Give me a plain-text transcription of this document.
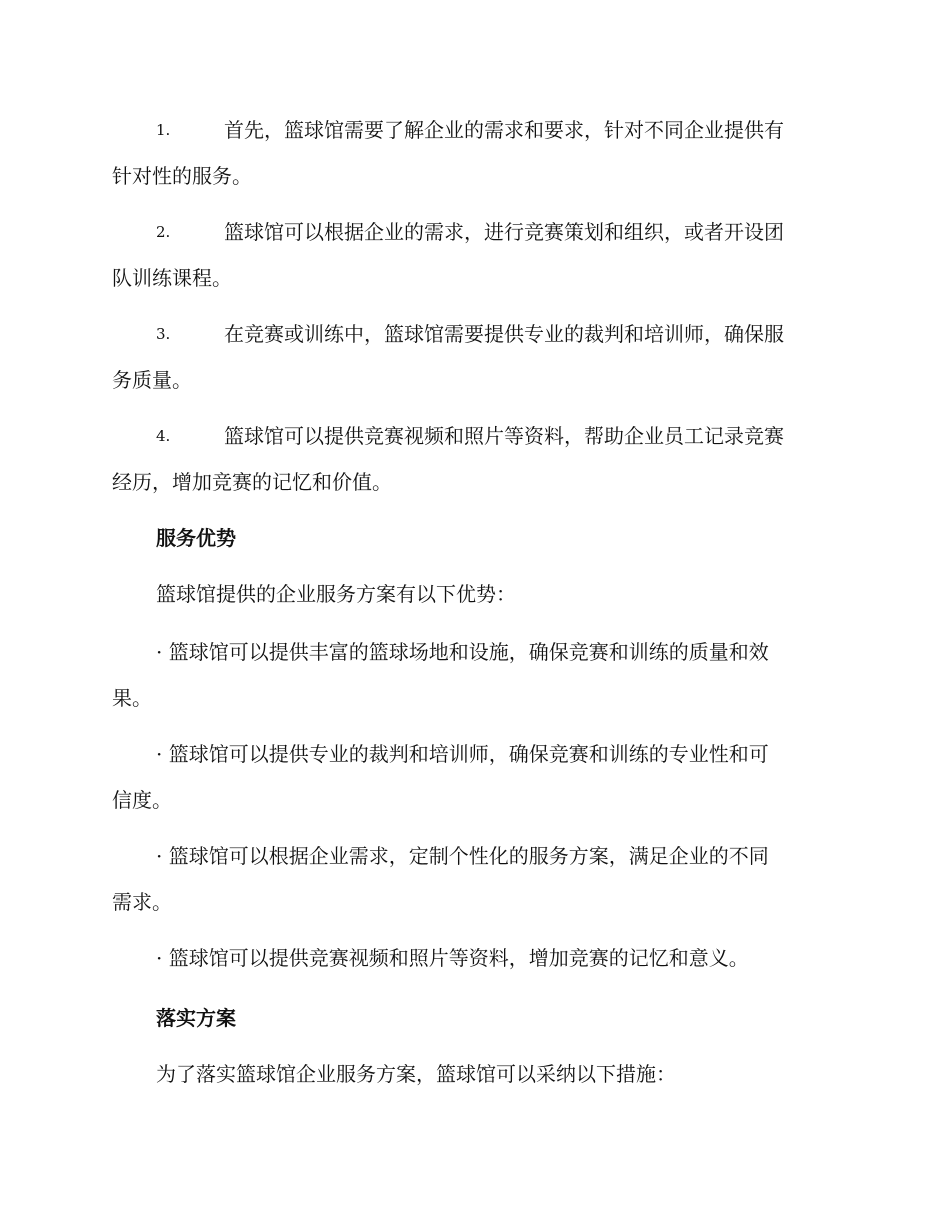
1.	首先，篮球馆需要了解企业的需求和要求，针对不同企业提供有
针对性的服务。
2.	篮球馆可以根据企业的需求，进行竞赛策划和组织，或者开设团
队训练课程。
3.	在竞赛或训练中，篮球馆需要提供专业的裁判和培训师，确保服
务质量。
4.	篮球馆可以提供竞赛视频和照片等资料，帮助企业员工记录竞赛
经历，增加竞赛的记忆和价值。
服务优势
篮球馆提供的企业服务方案有以下优势：
· 篮球馆可以提供丰富的篮球场地和设施，确保竞赛和训练的质量和效
果。
· 篮球馆可以提供专业的裁判和培训师，确保竞赛和训练的专业性和可
信度。
· 篮球馆可以根据企业需求，定制个性化的服务方案，满足企业的不同
需求。
· 篮球馆可以提供竞赛视频和照片等资料，增加竞赛的记忆和意义。
落实方案
为了落实篮球馆企业服务方案，篮球馆可以采纳以下措施：
